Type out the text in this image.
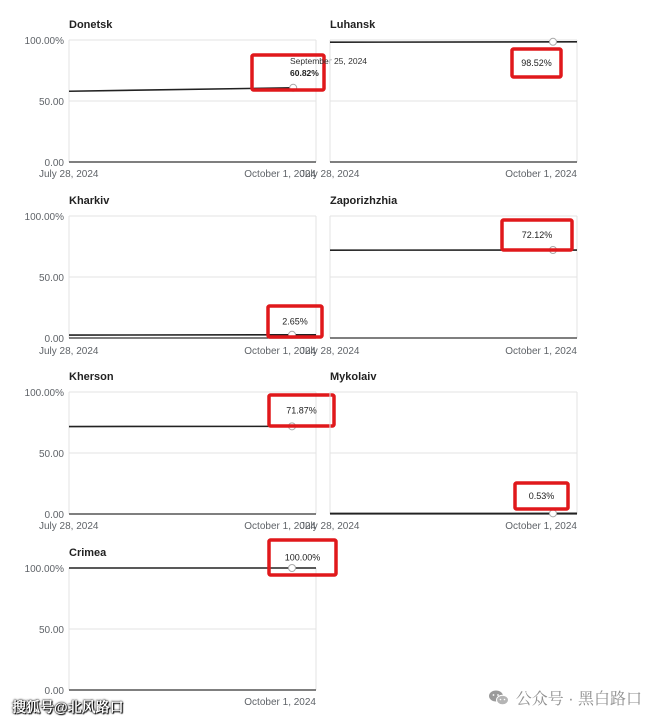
Donetsk
100.00%
50.00
0.00
July 28, 2024	October 1, 2024
September 25, 2024
60.82%
Luhansk
July 28, 2024	October 1, 2024
98.52%
Kharkiv
100.00%
50.00
0.00
July 28, 2024	October 1, 2024
2.65%
Zaporizhzhia
July 28, 2024	October 1, 2024
72.12%
Kherson
100.00%
50.00
0.00
July 28, 2024	October 1, 2024
71.87%
Mykolaiv
July 28, 2024	October 1, 2024
0.53%
Crimea
100.00%
50.00
0.00
October 1, 2024
100.00%
搜狐号@北风路口	公众号 · 黑白路口
